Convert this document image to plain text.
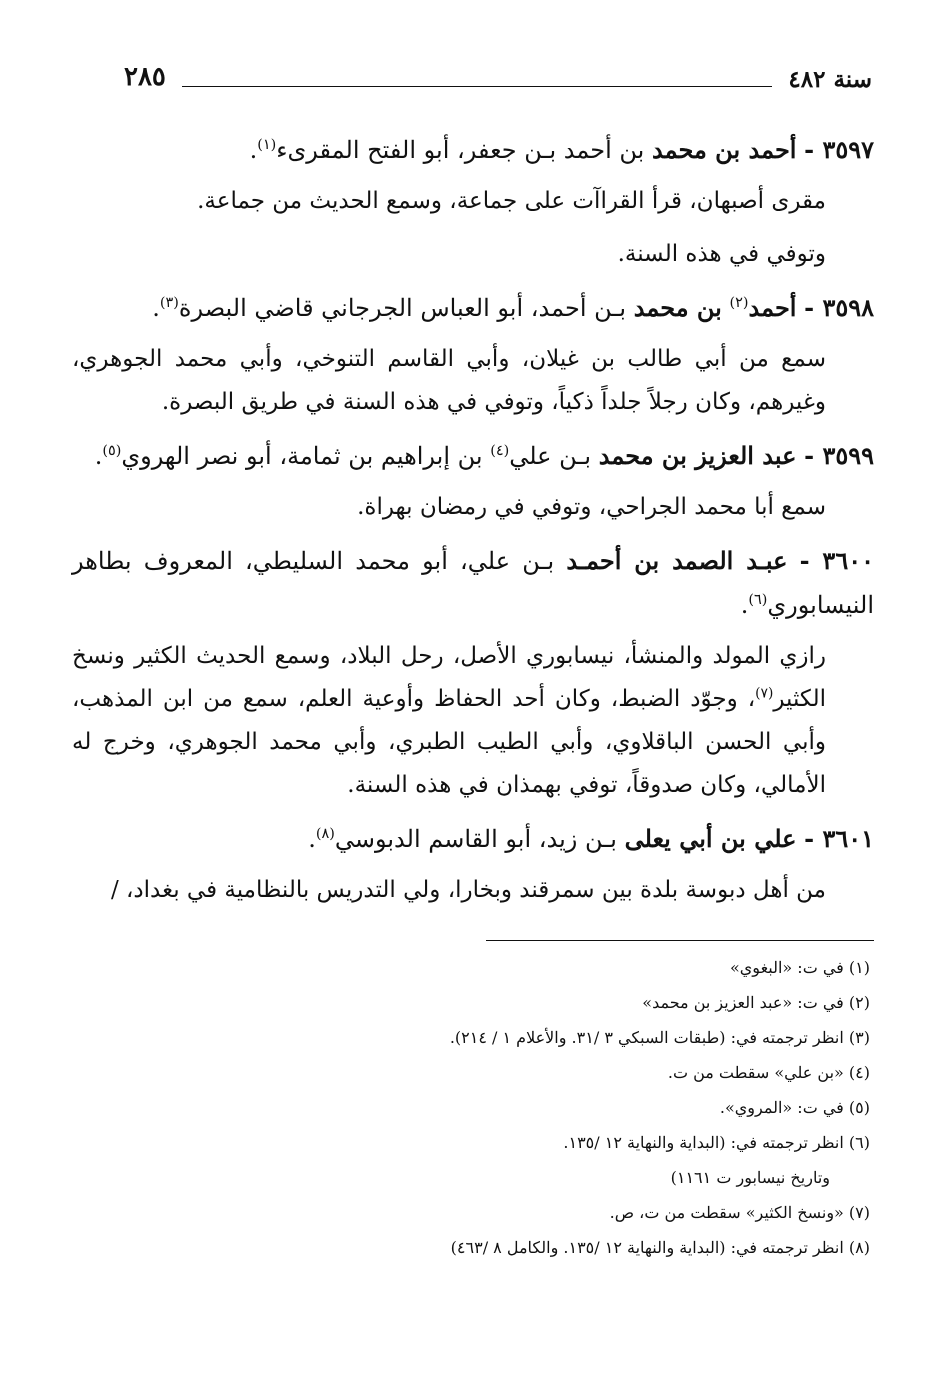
٢٨٥	سنة ٤٨٢

٣٥٩٧ - أحمد بن محمد بن أحمد بـن جعفر، أبو الفتح المقرىء$^{(١)}$.

مقرى أصبهان، قرأ القراآت على جماعة، وسمع الحديث من جماعة.

وتوفي في هذه السنة.

٣٥٩٨ - أحمد$^{(٢)}$ بن محمد بـن أحمد، أبو العباس الجرجاني قاضي البصرة$^{(٣)}$.

سمع من أبي طالب بن غيلان، وأبي القاسم التنوخي، وأبي محمد الجوهري، وغيرهم، وكان رجلاً جلداً ذكياً، وتوفي في هذه السنة في طريق البصرة.

٣٥٩٩ - عبد العزيز بن محمد بـن علي$^{(٤)}$ بن إبراهيم بن ثمامة، أبو نصر الهروي$^{(٥)}$.

سمع أبا محمد الجراحي، وتوفي في رمضان بهراة.

٣٦٠٠ - عبـد الصمد بن أحمـد بـن علي، أبو محمد السليطي، المعروف بطاهر النيسابوري$^{(٦)}$.

رازي المولد والمنشأ، نيسابوري الأصل، رحل البلاد، وسمع الحديث الكثير ونسخ الكثير$^{(٧)}$، وجوّد الضبط، وكان أحد الحفاظ وأوعية العلم، سمع من ابن المذهب، وأبي الحسن الباقلاوي، وأبي الطيب الطبري، وأبي محمد الجوهري، وخرج له الأمالي، وكان صدوقاً، توفي بهمذان في هذه السنة.

٣٦٠١ - علي بن أبي يعلى بـن زيد، أبو القاسم الدبوسي$^{(٨)}$.

من أهل دبوسة بلدة بين سمرقند وبخارا، ولي التدريس بالنظامية في بغداد، /

(١) في ت: «البغوي»

(٢) في ت: «عبد العزيز بن محمد»

(٣) انظر ترجمته في: (طبقات السبكي ٣ /٣١. والأعلام ١ / ٢١٤).

(٤) «بن علي» سقطت من ت.

(٥) في ت: «المروي».

(٦) انظر ترجمته في: (البداية والنهاية ١٢ /١٣٥.

وتاريخ نيسابور ت ١١٦١)

(٧) «ونسخ الكثير» سقطت من ت، ص.

(٨) انظر ترجمته في: (البداية والنهاية ١٢ /١٣٥. والكامل ٨ /٤٦٣)
